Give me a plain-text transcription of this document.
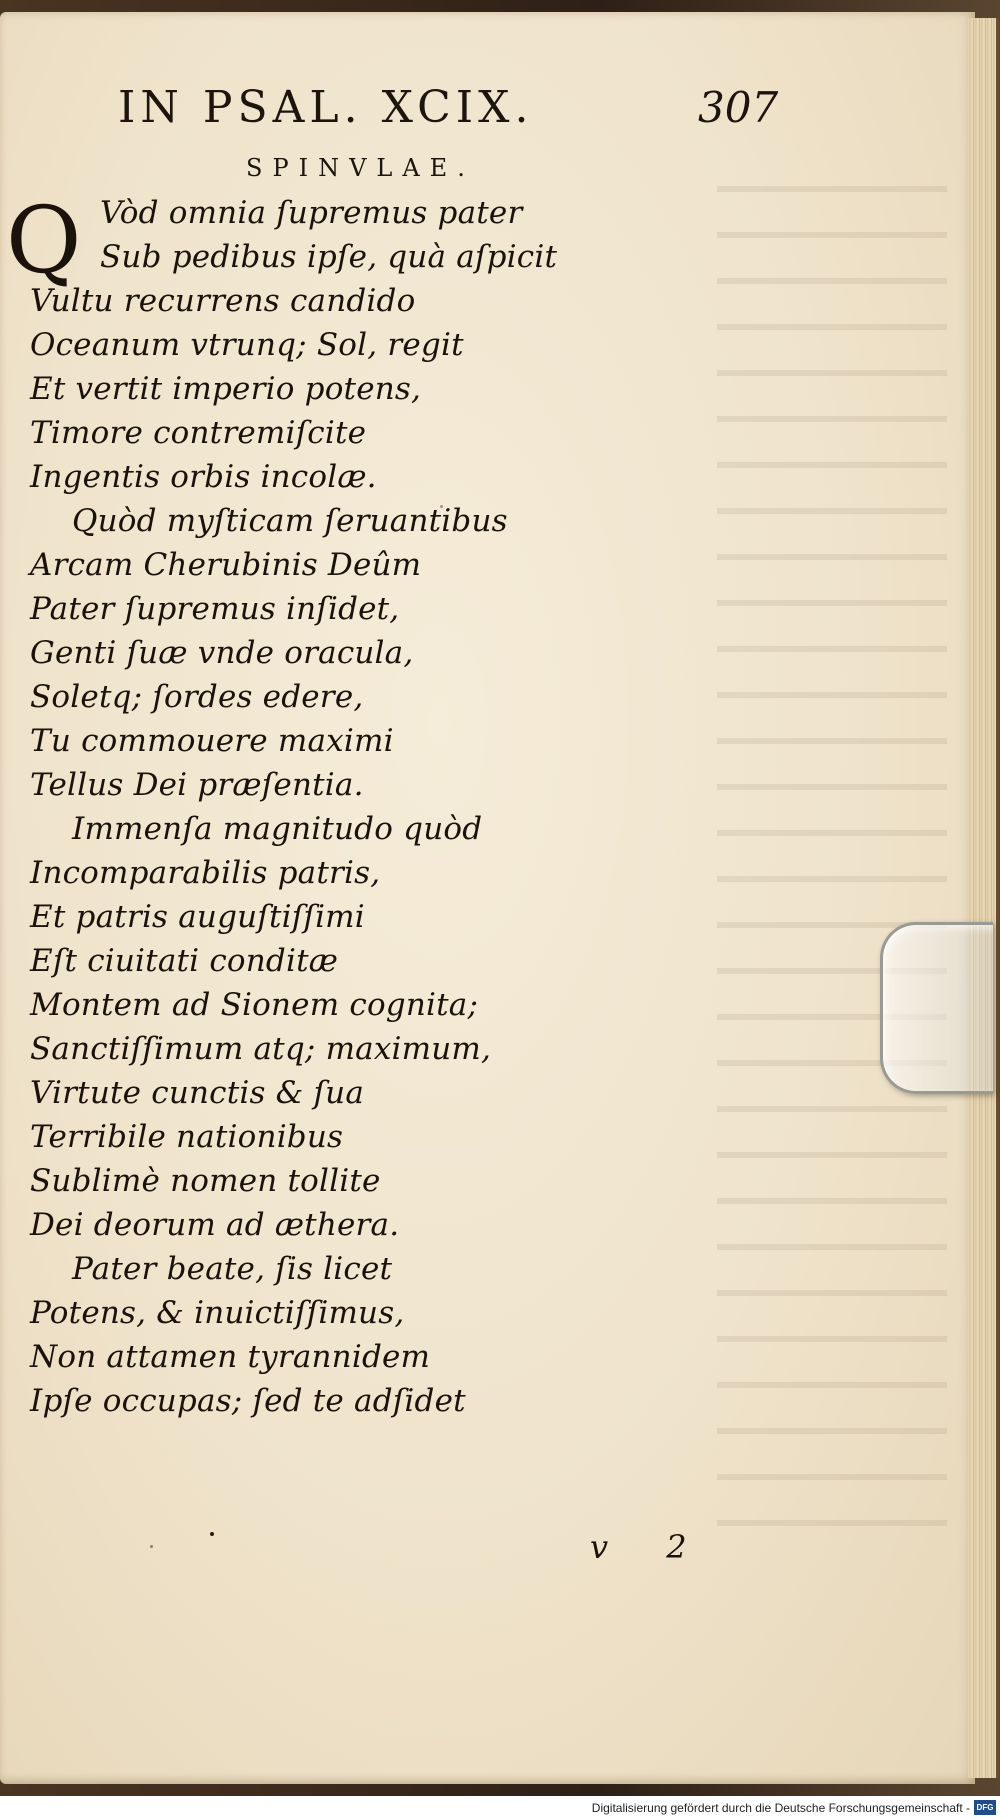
IN PSAL. XCIX.	307
SPINVLAE.
Q Vòd omnia ſupremus pater
Sub pedibus ipſe, quà aſpicit
Vultu recurrens candido
Oceanum vtrunq; Sol, regit
Et vertit imperio potens,
Timore contremiſcite
Ingentis orbis incolæ.
Quòd myſticam ſeruantibus
Arcam Cherubinis Deûm
Pater ſupremus inſidet,
Genti ſuæ vnde oracula,
Soletq; ſordes edere,
Tu commouere maximi
Tellus Dei præſentia.
Immenſa magnitudo quòd
Incomparabilis patris,
Et patris auguſtiſſimi
Eſt ciuitati conditæ
Montem ad Sionem cognita;
Sanctiſſimum atq; maximum,
Virtute cunctis & ſua
Terribile nationibus
Sublimè nomen tollite
Dei deorum ad æthera.
Pater beate, ſis licet
Potens, & inuictiſſimus,
Non attamen tyrannidem
Ipſe occupas; ſed te adſidet
v 2
Digitalisierung gefördert durch die Deutsche Forschungsgemeinschaft - DFG
